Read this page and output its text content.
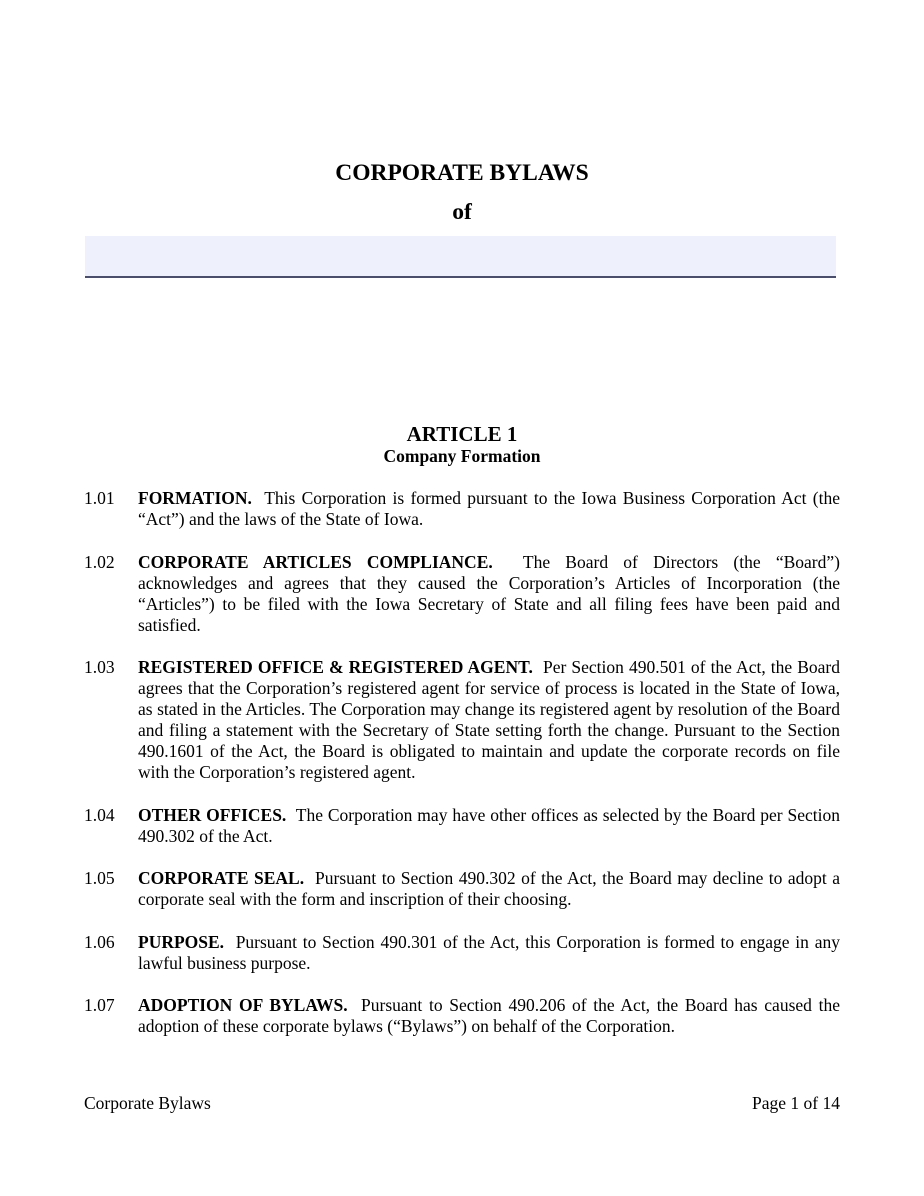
CORPORATE BYLAWS
of
ARTICLE 1
Company Formation
1.01	FORMATION. This Corporation is formed pursuant to the Iowa Business Corporation Act (the “Act”) and the laws of the State of Iowa.
1.02	CORPORATE ARTICLES COMPLIANCE. The Board of Directors (the “Board”) acknowledges and agrees that they caused the Corporation’s Articles of Incorporation (the “Articles”) to be filed with the Iowa Secretary of State and all filing fees have been paid and satisfied.
1.03	REGISTERED OFFICE & REGISTERED AGENT. Per Section 490.501 of the Act, the Board agrees that the Corporation’s registered agent for service of process is located in the State of Iowa, as stated in the Articles. The Corporation may change its registered agent by resolution of the Board and filing a statement with the Secretary of State setting forth the change. Pursuant to the Section 490.1601 of the Act, the Board is obligated to maintain and update the corporate records on file with the Corporation’s registered agent.
1.04	OTHER OFFICES. The Corporation may have other offices as selected by the Board per Section 490.302 of the Act.
1.05	CORPORATE SEAL. Pursuant to Section 490.302 of the Act, the Board may decline to adopt a corporate seal with the form and inscription of their choosing.
1.06	PURPOSE. Pursuant to Section 490.301 of the Act, this Corporation is formed to engage in any lawful business purpose.
1.07	ADOPTION OF BYLAWS. Pursuant to Section 490.206 of the Act, the Board has caused the adoption of these corporate bylaws (“Bylaws”) on behalf of the Corporation.
Corporate Bylaws	Page 1 of 14
